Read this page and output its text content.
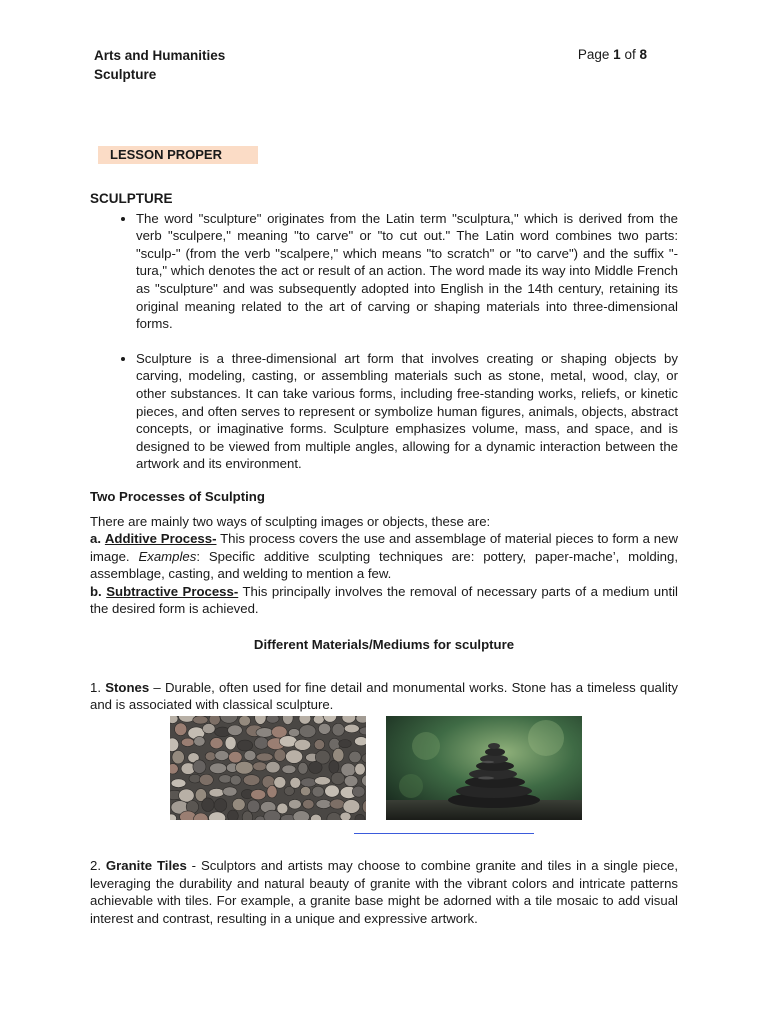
Arts and Humanities
Sculpture
Page 1 of 8
LESSON PROPER
SCULPTURE
• The word "sculpture" originates from the Latin term "sculptura," which is derived from the verb "sculpere," meaning "to carve" or "to cut out." The Latin word combines two parts: "sculp-" (from the verb "scalpere," which means "to scratch" or "to carve") and the suffix "-tura," which denotes the act or result of an action. The word made its way into Middle French as "sculpture" and was subsequently adopted into English in the 14th century, retaining its original meaning related to the art of carving or shaping materials into three-dimensional forms.
• Sculpture is a three-dimensional art form that involves creating or shaping objects by carving, modeling, casting, or assembling materials such as stone, metal, wood, clay, or other substances. It can take various forms, including free-standing works, reliefs, or kinetic pieces, and often serves to represent or symbolize human figures, animals, objects, abstract concepts, or imaginative forms. Sculpture emphasizes volume, mass, and space, and is designed to be viewed from multiple angles, allowing for a dynamic interaction between the artwork and its environment.
Two Processes of Sculpting
There are mainly two ways of sculpting images or objects, these are:
a. Additive Process- This process covers the use and assemblage of material pieces to form a new image. Examples: Specific additive sculpting techniques are: pottery, paper-mache’, molding, assemblage, casting, and welding to mention a few.
b. Subtractive Process- This principally involves the removal of necessary parts of a medium until the desired form is achieved.
Different Materials/Mediums for sculpture
1. Stones – Durable, often used for fine detail and monumental works. Stone has a timeless quality and is associated with classical sculpture.
2. Granite Tiles - Sculptors and artists may choose to combine granite and tiles in a single piece, leveraging the durability and natural beauty of granite with the vibrant colors and intricate patterns achievable with tiles. For example, a granite base might be adorned with a tile mosaic to add visual interest and contrast, resulting in a unique and expressive artwork.
